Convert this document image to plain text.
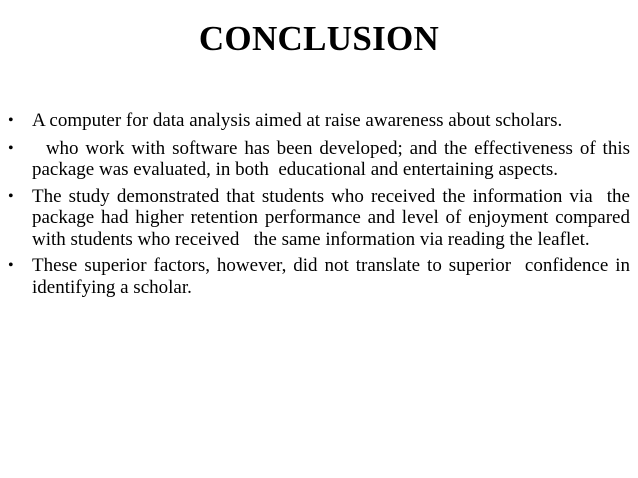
CONCLUSION
• A computer for data analysis aimed at raise awareness about scholars.
• who work with software has been developed; and the effectiveness of this package was evaluated, in both  educational and entertaining aspects.
• The study demonstrated that students who received the information via  the package had higher retention performance and level of enjoyment compared with students who received   the same information via reading the leaflet.
• These superior factors, however, did not translate to superior  confidence in identifying a scholar.
